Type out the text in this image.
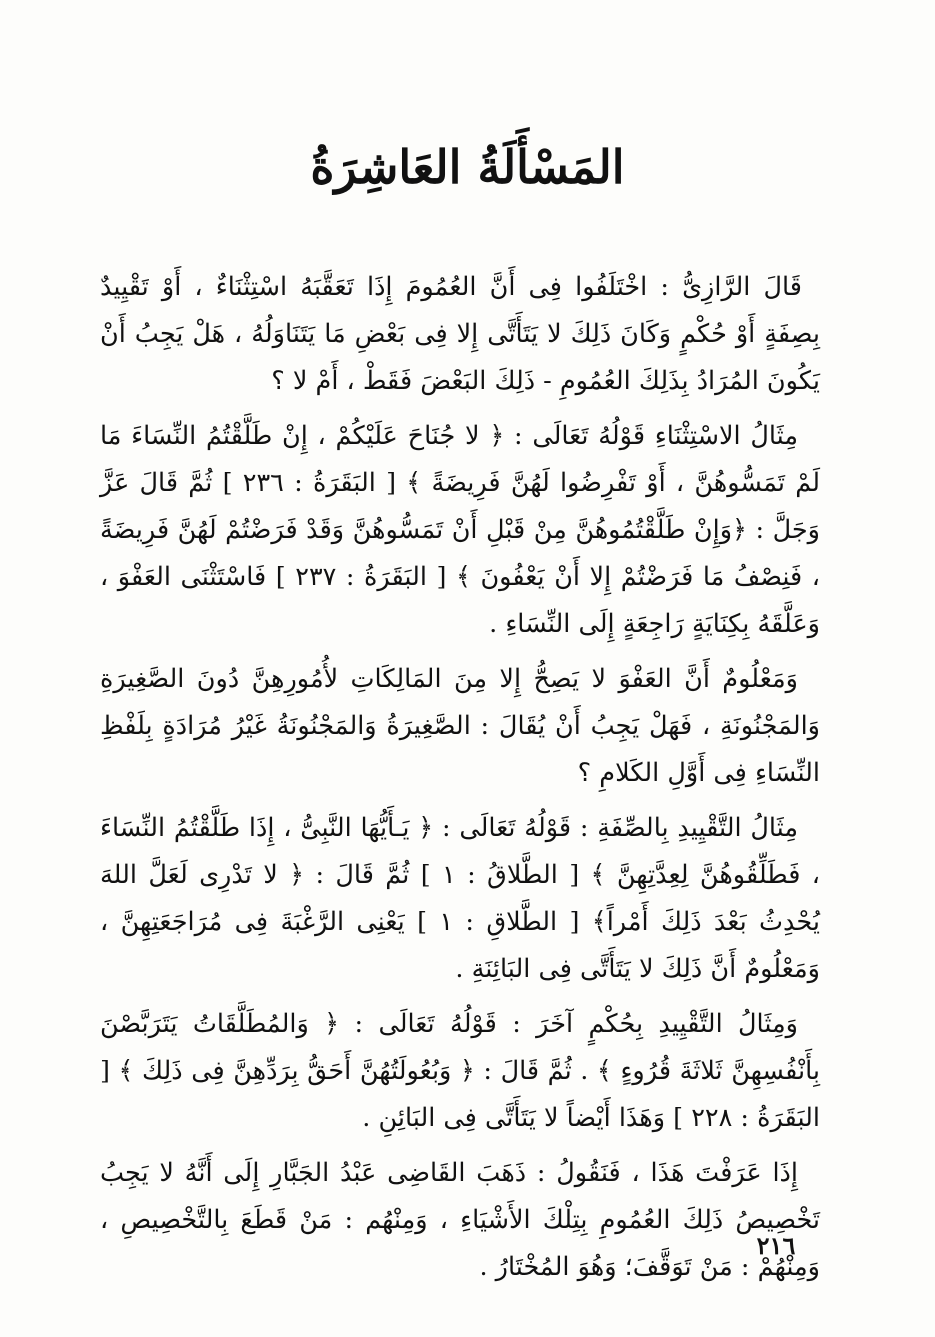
المَسْأَلَةُ العَاشِرَةُ

قَالَ الرَّازِىُّ : اخْتَلَفُوا فِى أَنَّ العُمُومَ إِذَا تَعَقَّبَهُ اسْتِثْنَاءٌ ، أَوْ تَقْيِيدٌ بِصِفَةٍ أَوْ حُكْمٍ وَكَانَ ذَلِكَ لا يَتَأَتَّى إِلا فِى بَعْضِ مَا يَتَنَاوَلُهُ ، هَلْ يَجِبُ أَنْ يَكُونَ المُرَادُ بِذَلِكَ العُمُومِ - ذَلِكَ البَعْضَ فَقَطْ ، أَمْ لا ؟

مِثَالُ الاسْتِثْنَاءِ قَوْلُهُ تَعَالَى : ﴿ لا جُنَاحَ عَلَيْكُمْ ، إِنْ طَلَّقْتُمُ النِّسَاءَ مَا لَمْ تَمَسُّوهُنَّ ، أَوْ تَفْرِضُوا لَهُنَّ فَرِيضَةً ﴾ [ البَقَرَةُ : ٢٣٦ ] ثُمَّ قَالَ عَزَّ وَجَلَّ : ﴿وَإِنْ طَلَّقْتُمُوهُنَّ مِنْ قَبْلِ أَنْ تَمَسُّوهُنَّ وَقَدْ فَرَضْتُمْ لَهُنَّ فَرِيضَةً ، فَنِصْفُ مَا فَرَضْتُمْ إِلا أَنْ يَعْفُونَ ﴾ [ البَقَرَةُ : ٢٣٧ ] فَاسْتَثْنَى العَفْوَ ، وَعَلَّقَهُ بِكِنَايَةٍ رَاجِعَةٍ إِلَى النِّسَاءِ .

وَمَعْلُومٌ أَنَّ العَفْوَ لا يَصِحُّ إِلا مِنَ المَالِكَاتِ لأُمُورِهِنَّ دُونَ الصَّغِيرَةِ وَالمَجْنُونَةِ ، فَهَلْ يَجِبُ أَنْ يُقَالَ : الصَّغِيرَةُ وَالمَجْنُونَةُ غَيْرُ مُرَادَةٍ بِلَفْظِ النِّسَاءِ فِى أَوَّلِ الكَلامِ ؟

مِثَالُ التَّقْيِيدِ بِالصِّفَةِ : قَوْلُهُ تَعَالَى : ﴿ يَـأَيُّهَا النَّبِىُّ ، إِذَا طَلَّقْتُمُ النِّسَاءَ ، فَطَلِّقُوهُنَّ لِعِدَّتِهِنَّ ﴾ [ الطَّلاقُ : ١ ] ثُمَّ قَالَ : ﴿ لا تَدْرِى لَعَلَّ اللهَ يُحْدِثُ بَعْدَ ذَلِكَ أَمْراً﴾ [ الطَّلاقِ : ١ ] يَعْنِى الرَّغْبَةَ فِى مُرَاجَعَتِهِنَّ ، وَمَعْلُومٌ أَنَّ ذَلِكَ لا يَتَأَتَّى فِى البَائِنَةِ .

وَمِثَالُ التَّقْيِيدِ بِحُكْمٍ آخَرَ : قَوْلُهُ تَعَالَى : ﴿ وَالمُطَلَّقَاتُ يَتَرَبَّصْنَ بِأَنْفُسِهِنَّ ثَلاثَةَ قُرُوءٍ ﴾ . ثُمَّ قَالَ : ﴿ وَبُعُولَتُهُنَّ أَحَقُّ بِرَدِّهِنَّ فِى ذَلِكَ ﴾ [ البَقَرَةُ : ٢٢٨ ] وَهَذَا أَيْضاً لا يَتَأَتَّى فِى البَائِنِ .

إِذَا عَرَفْتَ هَذَا ، فَنَقُولُ : ذَهَبَ القَاضِى عَبْدُ الجَبَّارِ إِلَى أَنَّهُ لا يَجِبُ تَخْصِيصُ ذَلِكَ العُمُومِ بِتِلْكَ الأَشْيَاءِ ، وَمِنْهُم : مَنْ قَطَعَ بِالتَّخْصِيصِ ، وَمِنْهُمْ : مَنْ تَوَقَّفَ؛ وَهُوَ المُخْتَارُ .

٢١٦
